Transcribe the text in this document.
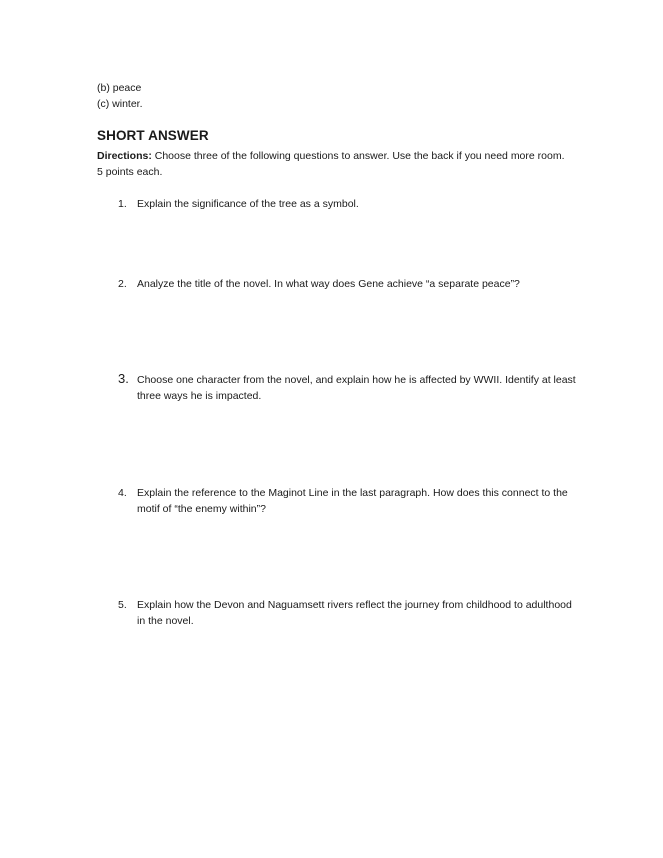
(b) peace
(c) winter.
SHORT ANSWER
Directions: Choose three of the following questions to answer. Use the back if you need more room. 5 points each.
1. Explain the significance of the tree as a symbol.
2. Analyze the title of the novel. In what way does Gene achieve “a separate peace”?
3. Choose one character from the novel, and explain how he is affected by WWII. Identify at least three ways he is impacted.
4. Explain the reference to the Maginot Line in the last paragraph. How does this connect to the motif of “the enemy within”?
5. Explain how the Devon and Naguamsett rivers reflect the journey from childhood to adulthood in the novel.
